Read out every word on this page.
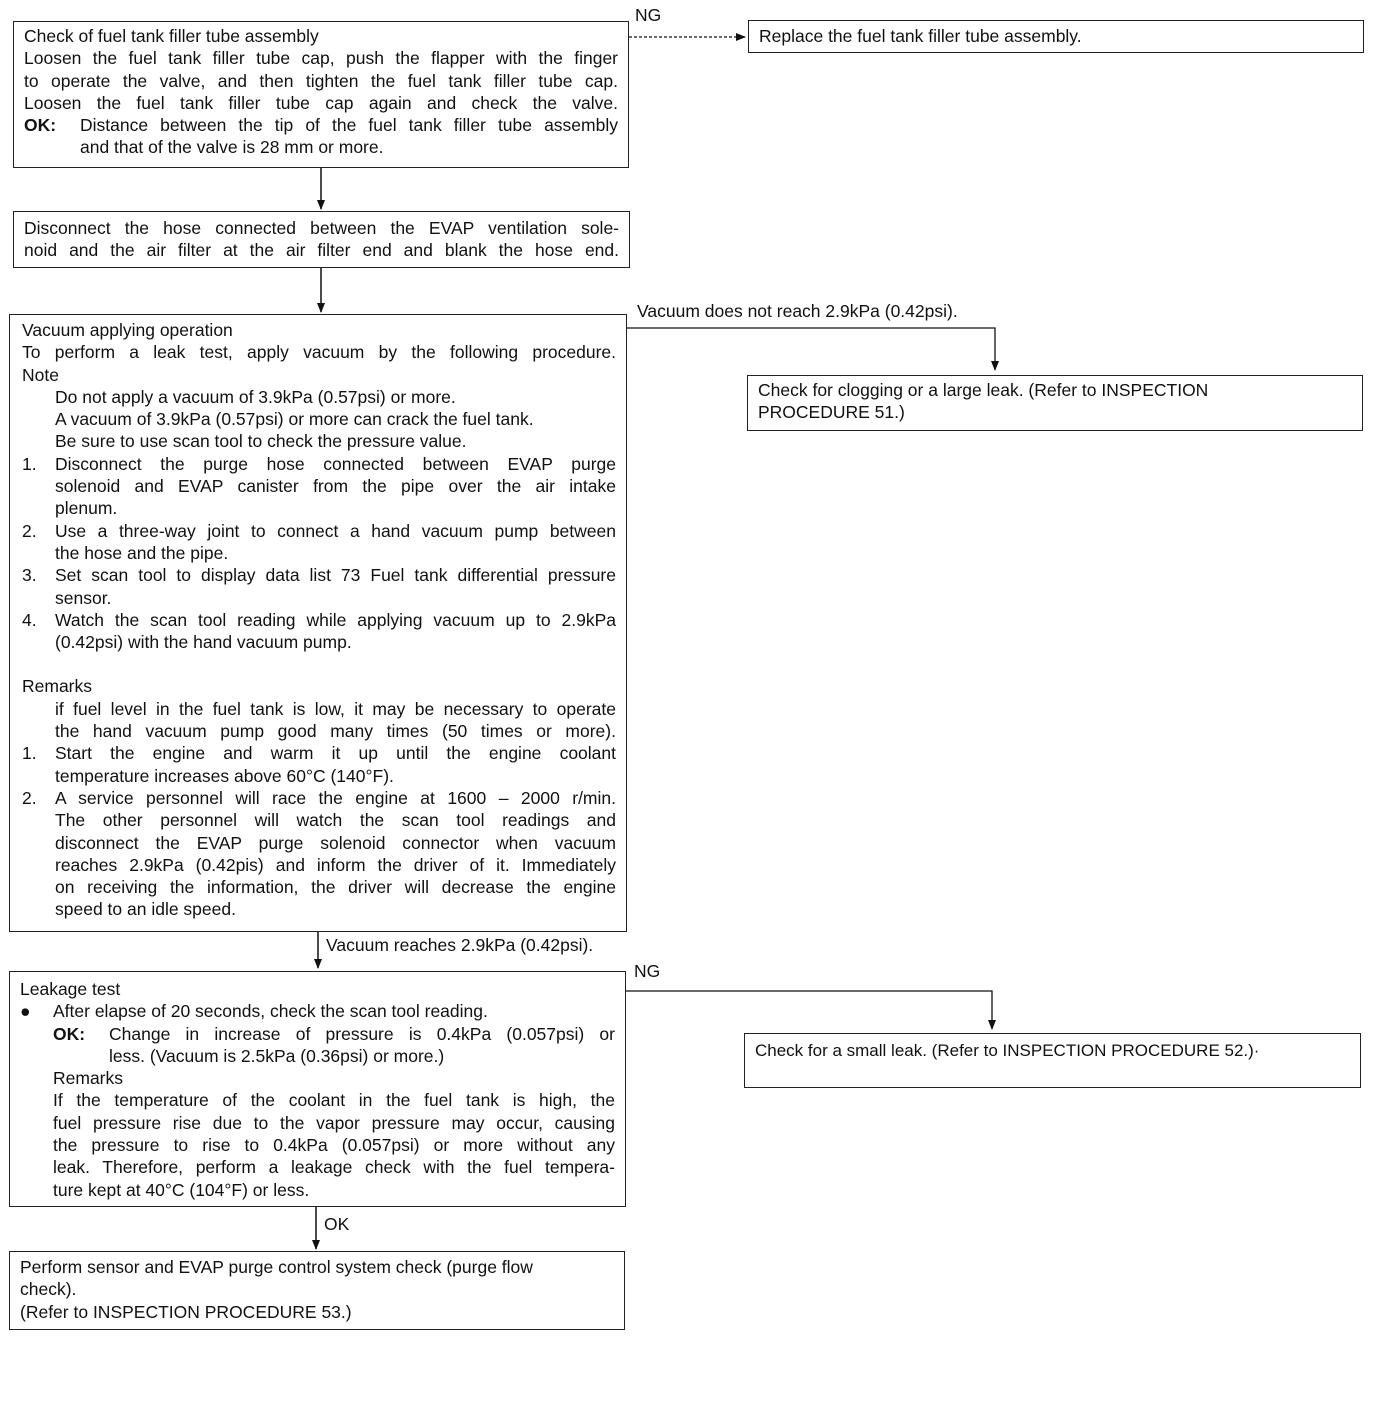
Check of fuel tank filler tube assembly
Loosen the fuel tank filler tube cap, push the flapper with the finger
to operate the valve, and then tighten the fuel tank filler tube cap.
Loosen the fuel tank filler tube cap again and check the valve.
OK:	Distance between the tip of the fuel tank filler tube assembly
and that of the valve is 28 mm or more.
NG
Replace the fuel tank filler tube assembly.
Disconnect the hose connected between the EVAP ventilation sole-
noid and the air filter at the air filter end and blank the hose end.
Vacuum applying operation
To perform a leak test, apply vacuum by the following procedure.
Note
Do not apply a vacuum of 3.9kPa (0.57psi) or more.
A vacuum of 3.9kPa (0.57psi) or more can crack the fuel tank.
Be sure to use scan tool to check the pressure value.
1.	Disconnect the purge hose connected between EVAP purge
solenoid and EVAP canister from the pipe over the air intake
plenum.
2.	Use a three-way joint to connect a hand vacuum pump between
the hose and the pipe.
3.	Set scan tool to display data list 73 Fuel tank differential pressure
sensor.
4.	Watch the scan tool reading while applying vacuum up to 2.9kPa
(0.42psi) with the hand vacuum pump.
Remarks
if fuel level in the fuel tank is low, it may be necessary to operate
the hand vacuum pump good many times (50 times or more).
1.	Start the engine and warm it up until the engine coolant
temperature increases above 60°C (140°F).
2.	A service personnel will race the engine at 1600 – 2000 r/min.
The other personnel will watch the scan tool readings and
disconnect the EVAP purge solenoid connector when vacuum
reaches 2.9kPa (0.42pis) and inform the driver of it. Immediately
on receiving the information, the driver will decrease the engine
speed to an idle speed.
Vacuum does not reach 2.9kPa (0.42psi).
Check for clogging or a large leak. (Refer to INSPECTION
PROCEDURE 51.)
Vacuum reaches 2.9kPa (0.42psi).
Leakage test
●	After elapse of 20 seconds, check the scan tool reading.
OK:	Change in increase of pressure is 0.4kPa (0.057psi) or
less. (Vacuum is 2.5kPa (0.36psi) or more.)
Remarks
If the temperature of the coolant in the fuel tank is high, the
fuel pressure rise due to the vapor pressure may occur, causing
the pressure to rise to 0.4kPa (0.057psi) or more without any
leak. Therefore, perform a leakage check with the fuel tempera-
ture kept at 40°C (104°F) or less.
NG
Check for a small leak. (Refer to INSPECTION PROCEDURE 52.)·
OK
Perform sensor and EVAP purge control system check (purge flow
check).
(Refer to INSPECTION PROCEDURE 53.)
